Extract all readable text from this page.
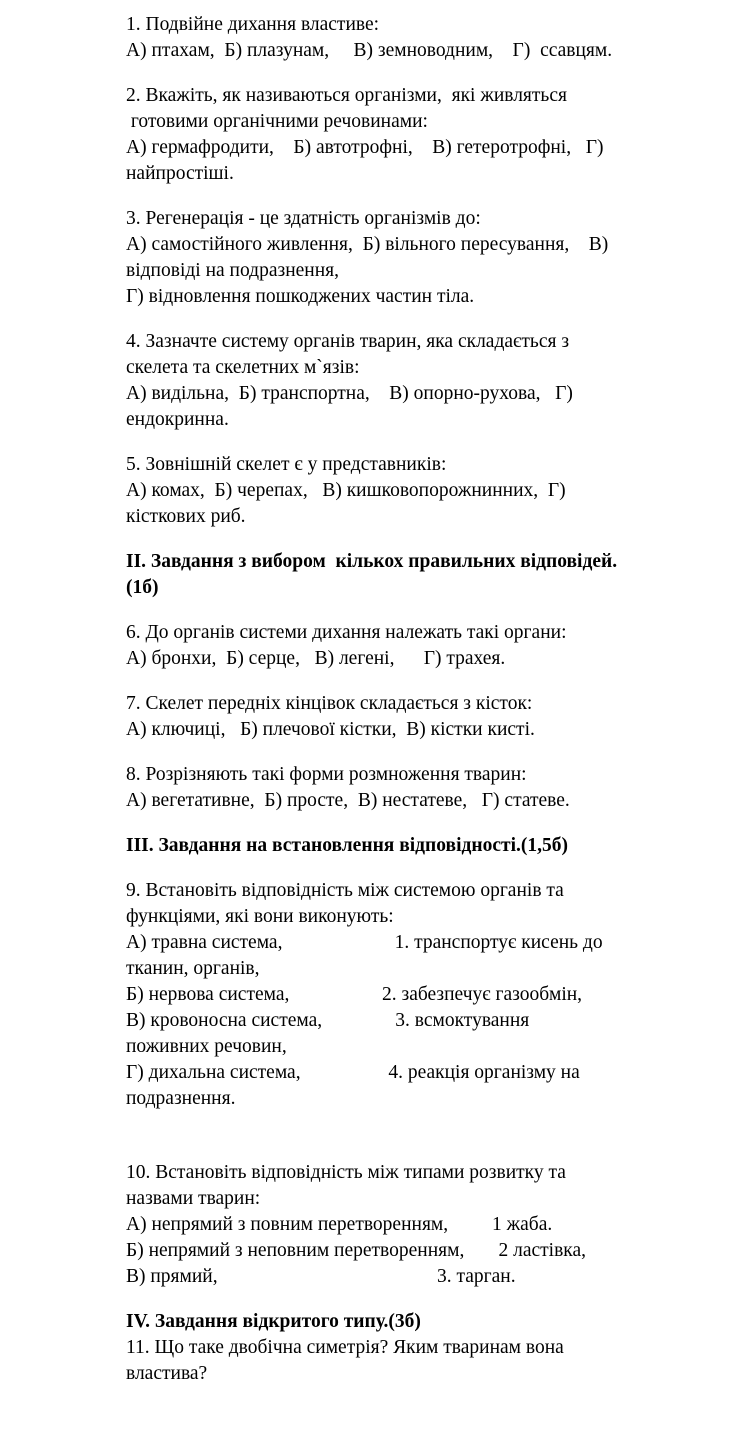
1. Подвійне дихання властиве:
А) птахам,  Б) плазунам,     В) земноводним,    Г)  ссавцям.
2. Вкажіть, як називаються організми,  які живляться
готовими органічними речовинами:
А) гермафродити,    Б) автотрофні,    В) гетеротрофні,   Г)
найпростіші.
3. Регенерація - це здатність організмів до:
А) самостійного живлення,  Б) вільного пересування,    В)
відповіді на подразнення,
Г) відновлення пошкоджених частин тіла.
4. Зазначте систему органів тварин, яка складається з
скелета та скелетних м`язів:
А) видільна,  Б) транспортна,    В) опорно-рухова,   Г)
ендокринна.
5. Зовнішній скелет є у представників:
А) комах,  Б) черепах,   В) кишковопорожнинних,  Г)
кісткових риб.
II. Завдання з вибором  кількох правильних відповідей.
(1б)
6. До органів системи дихання належать такі органи:
А) бронхи,  Б) серце,   В) легені,      Г) трахея.
7. Скелет передніх кінцівок складається з кісток:
А) ключиці,   Б) плечової кістки,  В) кістки кисті.
8. Розрізняють такі форми розмноження тварин:
А) вегетативне,  Б) просте,  В) нестатеве,   Г) статеве.
III. Завдання на встановлення відповідності.(1,5б)
9. Встановіть відповідність між системою органів та
функціями, які вони виконують:
А) травна система,                       1. транспортує кисень до
тканин, органів,
Б) нервова система,                   2. забезпечує газообмін,
В) кровоносна система,               3. всмоктування
поживних речовин,
Г) дихальна система,                  4. реакція організму на
подразнення.
10. Встановіть відповідність між типами розвитку та
назвами тварин:
А) непрямий з повним перетворенням,         1 жаба.
Б) непрямий з неповним перетворенням,       2 ластівка,
В) прямий,                                             3. тарган.
IV. Завдання відкритого типу.(3б)
11. Що таке двобічна симетрія? Яким тваринам вона
властива?
